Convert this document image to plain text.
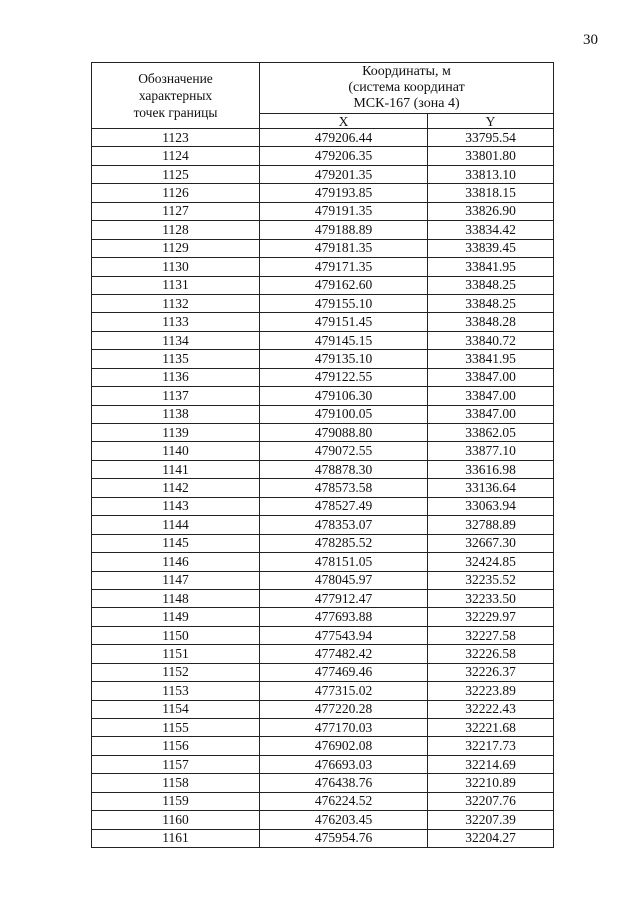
30
Обозначение
характерных
точек границы	Координаты, м
(система координат
МСК-167 (зона 4)	

	X	Y
1123	479206.44	33795.54
1124	479206.35	33801.80
1125	479201.35	33813.10
1126	479193.85	33818.15
1127	479191.35	33826.90
1128	479188.89	33834.42
1129	479181.35	33839.45
1130	479171.35	33841.95
1131	479162.60	33848.25
1132	479155.10	33848.25
1133	479151.45	33848.28
1134	479145.15	33840.72
1135	479135.10	33841.95
1136	479122.55	33847.00
1137	479106.30	33847.00
1138	479100.05	33847.00
1139	479088.80	33862.05
1140	479072.55	33877.10
1141	478878.30	33616.98
1142	478573.58	33136.64
1143	478527.49	33063.94
1144	478353.07	32788.89
1145	478285.52	32667.30
1146	478151.05	32424.85
1147	478045.97	32235.52
1148	477912.47	32233.50
1149	477693.88	32229.97
1150	477543.94	32227.58
1151	477482.42	32226.58
1152	477469.46	32226.37
1153	477315.02	32223.89
1154	477220.28	32222.43
1155	477170.03	32221.68
1156	476902.08	32217.73
1157	476693.03	32214.69
1158	476438.76	32210.89
1159	476224.52	32207.76
1160	476203.45	32207.39
1161	475954.76	32204.27
